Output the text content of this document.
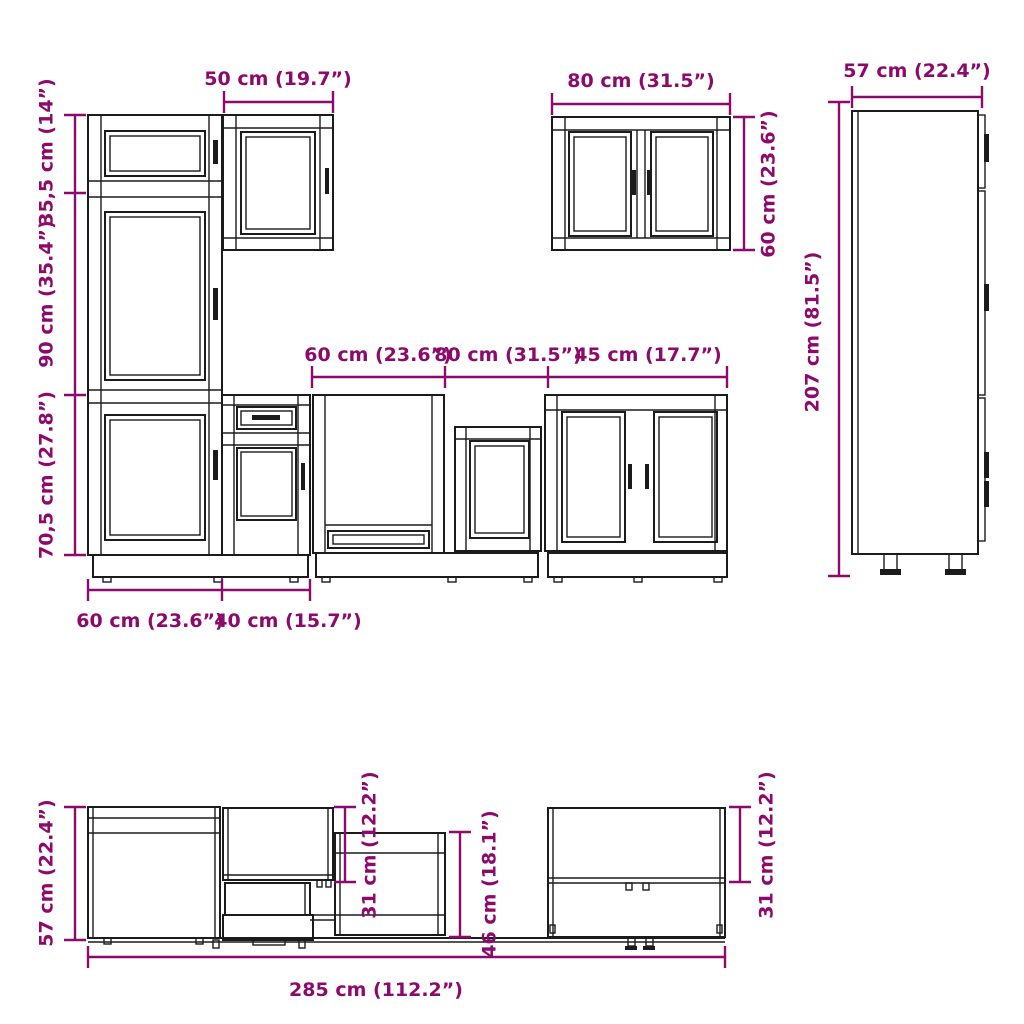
50 cm (19.7”)	80 cm (31.5”)	57 cm (22.4”)
35,5 cm (14”)
90 cm (35.4”)
70,5 cm (27.8”)
60 cm (23.6”)
207 cm (81.5”)
60 cm (23.6”)
80 cm (31.5”)
45 cm (17.7”)
60 cm (23.6”)
40 cm (15.7”)
57 cm (22.4”)	31 cm (12.2”)	46 cm (18.1”)	31 cm (12.2”)
285 cm (112.2”)
